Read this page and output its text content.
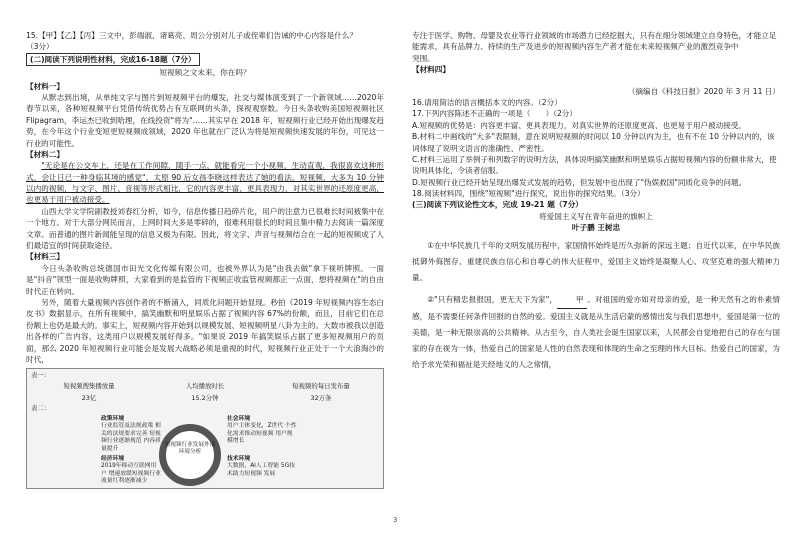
15.【甲】【乙】【丙】三文中，彭端淑、诸葛亮、周公分别对儿子或侄辈们告诫的中心内容是什么？

（3分）

(二)阅读下列说明性材料，完成16-18题（7分）

短视频之文未来，你在吗？

【材料一】

从默志到出境，从单纯文字与图片到短视频平台的爆发，社交与媒体演变到了一个新领域……2020年春节以来，各种短视频平台凭借传统优势占有互联网的头条，探视观察数。今日头条收购美国短视频社区 Flipagram，李运杰已收到哈理，在线投资"将为"……其实早在 2018 年，短视频行业已经开始出现爆发趋势，在今年这个行业变短更短视频成领域，2020 年也就在广泛认为将是短视频快速发展的年份，可见这一行业的可能性。

【材料二】

"无论是在公交车上，还是在工作间隙，随手一点，就能看完一个小视频，生动直观，我很喜欢这种形式，会让日已一种身临其境的感觉"，太原 90 后女孩李晓这样表达了她的看法。短视频，大多为 10 分钟以内的视频，与文字、图片、音视等形式相比，它的内容更丰富、更具表现力，对其实世界的还原度更高，也更易于用户被动接受。

山西大学文学院副教授刘春红分析，如今，信息传播日趋碎片化，用户的注意力已很难长时间被集中在一个地方。对于大部分网民而言，上网时间大多是零碎的，很难利用很长的时间且集中精力去阅读一篇深度文章。而普通的图片新闻能呈现的信息又极为有限。因此，将文字、声音与视频结合在一起的短视频成了人们最适宜的时间获取途径。

【材料三】

今日头条收购总统德国市田光文化传媒有限公司，也被外界认为是"由我去做"拿下视听牌照。一面是"抖音"领型一面是收购牌照，大家看到的是监管的下视频正收监管视频都正一点面，想将视频在"的自由时代正在转向。

另外，随着大量视频内容创作者的不断涌入，同质化问题开始显现。秒拍《2019 年短视频内容生态白皮书》数据显示，在所有视频中，搞笑幽默和明星娱乐占据了视频内容 67%的份额，而且，目前它们在总份额上也仍是最大的。事实上，短视频内容开始到以规模发展、短视频明星八卦为主的。大数市被我以创造出各样的广告内容，这类用户以规模发展好得多。"如果说 2019 年搞笑娱乐占据了更多短视频用户的页面，那么 2020 年短视频行业可能会是发展大战略必须是重视的时代，短视频行业正处于一个大浪淘沙的时代，

表一：
短视频搜集播放量	人均播放时长	短视频的每日发布量
23亿	15.2分钟	32万条
表二：
短视频行业发展外部环境分析
政策环境
行业监管及法规政策 相关的法规要求完善 短视频行业逐渐规范 内容质量提升
社会环境
用户主体变化，Z世代 个性化需求推动短视频 用户规模增长
经济环境
2019年移动互联网用户 增速放缓短视频行业 流量红利逐渐减少
技术环境
大数据、AI人工智能 5G技术助力短视频 发展

专注于医学、购物、母婴及农业等行业领域的市场潜力已经挖掘大，只有在细分领域建立自身特色，才能立足

能需求，具有品牌力、持续的生产及进步的短视频内容生产者才能在未来短视频产业的激烈竞争中

突围。

【材料四】

（摘编自《科技日报》2020 年 3 月 11 日）

16.请用简洁的语言概括本文的内容。（2分）

17.下列内容陈述不正确的一项是（　　）（2分）

A.短视频的优势是：内容更丰富、更具表现力，对真实世界的还原度更高、也更易于用户被动接受。

B.材料二中画线的"大多"表限制，意在说明短视频的时间以 10 分钟以内为主，也有不在 10 分钟以内的，该词体现了说明文语言的准确性、严密性。

C.材料三运用了举例子和列数字的说明方法，具体说明搞笑幽默和明星娱乐占据短视频内容的份额非常大，使说明具体化，令读者信服。

D.短视频行业已经开始呈现出爆发式发展的趋势，但发展中也出现了"伪娱救国"同质化竞争的问题。

18.阅读材料四，围绕"短视频"进行探究，说出你的探究结果。（3分）

(三)阅读下列议论性文本，完成 19-21 题（7分）

将爱国主义写在青年奋进的旗帜上

叶子鹏 王树忠

①在中华民族几千年的文明发展历程中，家国情怀始终是历久弥新的深远主题；自近代以来，在中华民族抵御外侮图存、重建民族自信心和自尊心的伟大征程中，爱国主义始终是凝聚人心、攻坚克难的强大精神力量。

②"只有精忠报报国，更无天下为家"， 甲 。对祖国的爱亦如对母亲的爱，是一种天然有之的朴素情感，是不需要任何条件回报的自然的爱。爱国主义就是从生活启蒙的感情出发与我们思想中，爱国是第一位的美德，是一种无限崇高的公共精神。从古至今，自人类社会诞生国家以来，人民都会自觉地把自己的存在与国家的存在视为一体，热爱自己的国家是人性的自然表现和体现的生命之至理的伟大目标。热爱自己的国家，为给予求光荣和福祉是天经地义的人之常情，

3
